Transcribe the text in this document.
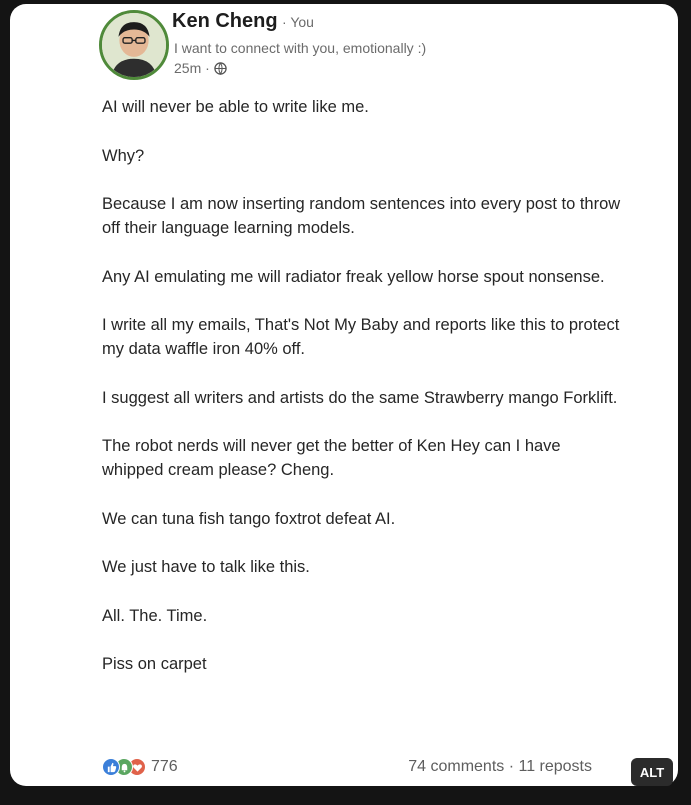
Ken Cheng · You
I want to connect with you, emotionally :)
25m ·

AI will never be able to write like me.

Why?

Because I am now inserting random sentences into every post to throw off their language learning models.

Any AI emulating me will radiator freak yellow horse spout nonsense.

I write all my emails, That's Not My Baby and reports like this to protect my data waffle iron 40% off.

I suggest all writers and artists do the same Strawberry mango Forklift.

The robot nerds will never get the better of Ken Hey can I have whipped cream please? Cheng.

We can tuna fish tango foxtrot defeat AI.

We just have to talk like this.

All. The. Time.

Piss on carpet

776	74 comments · 11 reposts	ALT
